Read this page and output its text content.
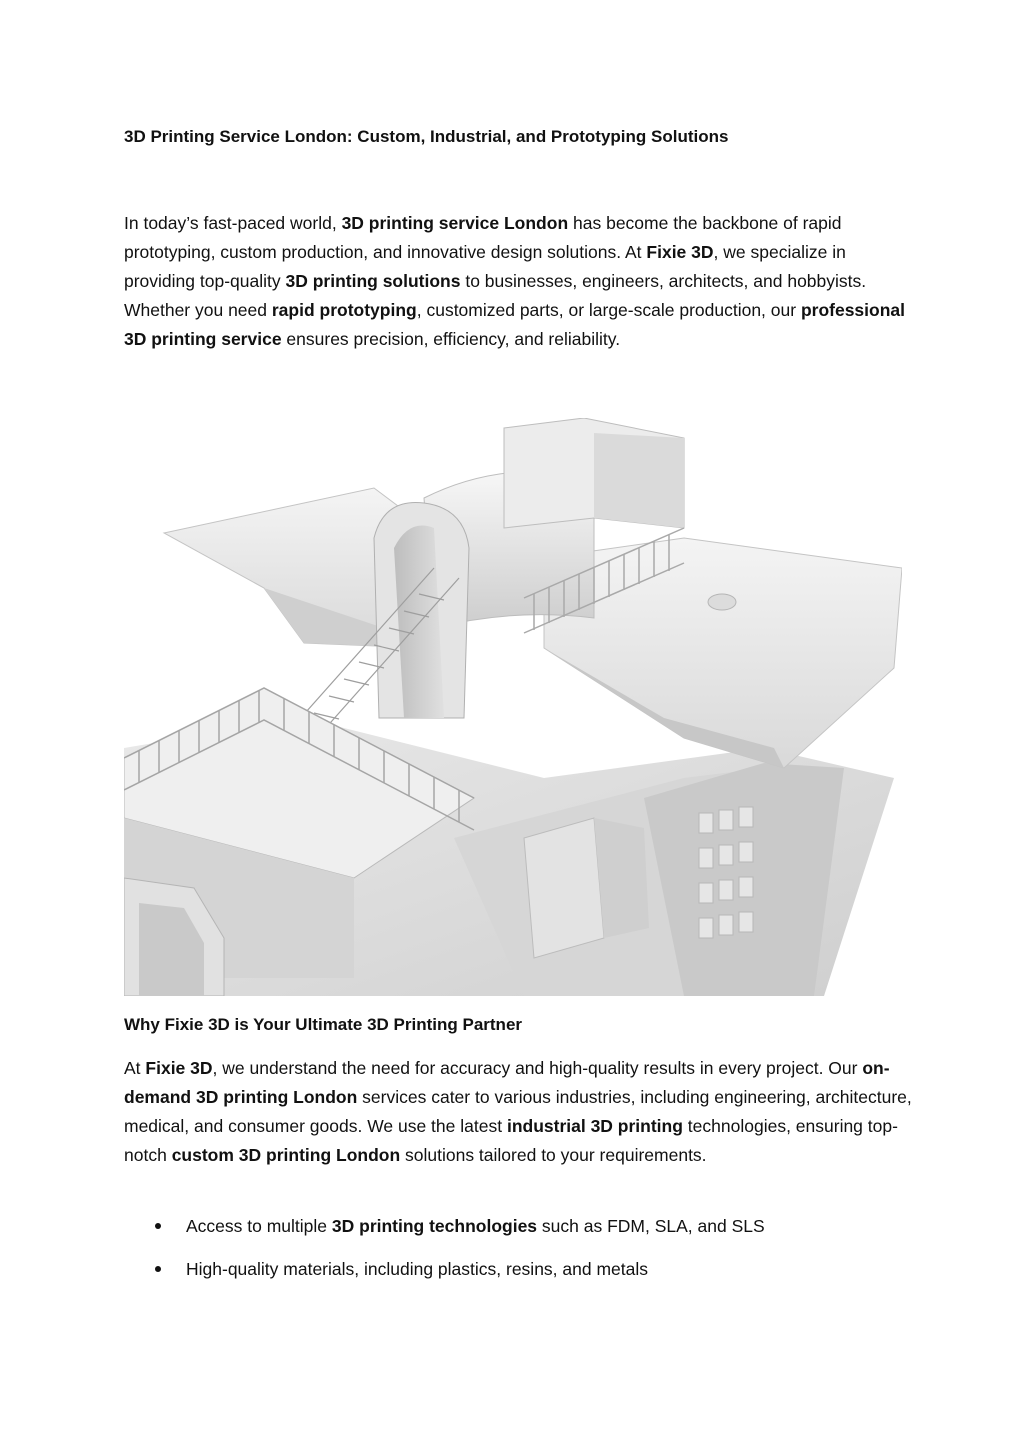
3D Printing Service London: Custom, Industrial, and Prototyping Solutions
In today’s fast-paced world, 3D printing service London has become the backbone of rapid prototyping, custom production, and innovative design solutions. At Fixie 3D, we specialize in providing top-quality 3D printing solutions to businesses, engineers, architects, and hobbyists. Whether you need rapid prototyping, customized parts, or large-scale production, our professional 3D printing service ensures precision, efficiency, and reliability.
Why Fixie 3D is Your Ultimate 3D Printing Partner
At Fixie 3D, we understand the need for accuracy and high-quality results in every project. Our on-demand 3D printing London services cater to various industries, including engineering, architecture, medical, and consumer goods. We use the latest industrial 3D printing technologies, ensuring top-notch custom 3D printing London solutions tailored to your requirements.
Access to multiple 3D printing technologies such as FDM, SLA, and SLS
High-quality materials, including plastics, resins, and metals
